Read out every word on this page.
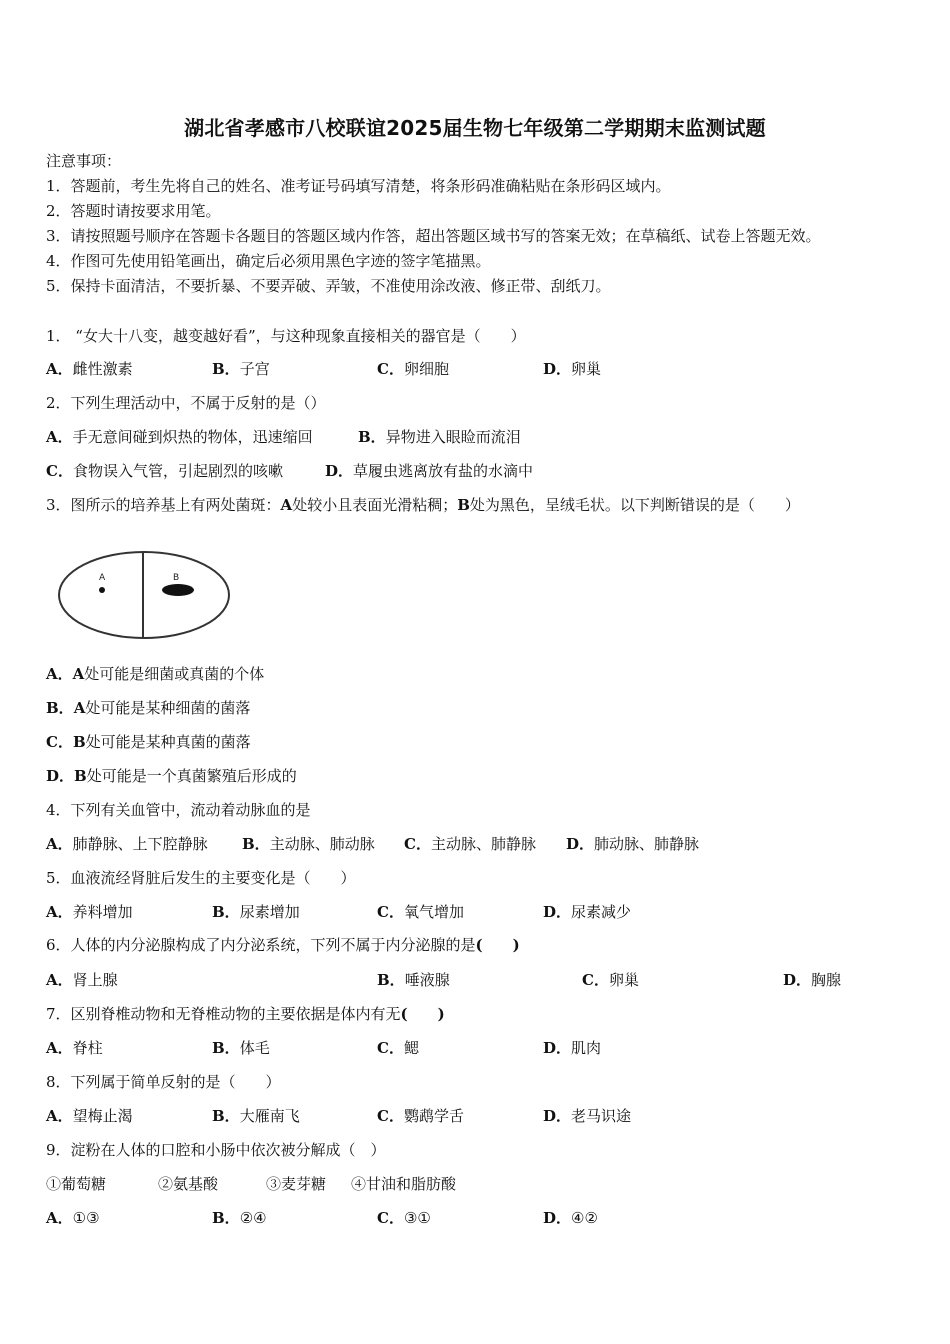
湖北省孝感市八校联谊2025届生物七年级第二学期期末监测试题
注意事项：
1．答题前，考生先将自己的姓名、准考证号码填写清楚，将条形码准确粘贴在条形码区域内。
2．答题时请按要求用笔。
3．请按照题号顺序在答题卡各题目的答题区域内作答，超出答题区域书写的答案无效；在草稿纸、试卷上答题无效。
4．作图可先使用铅笔画出，确定后必须用黑色字迹的签字笔描黑。
5．保持卡面清洁，不要折暴、不要弄破、弄皱，不准使用涂改液、修正带、刮纸刀。
1． “女大十八变，越变越好看”，与这种现象直接相关的器官是（　　）
A．雌性激素	B．子宫	C．卵细胞	D．卵巢
2．下列生理活动中，不属于反射的是（）
A．手无意间碰到炽热的物体，迅速缩回	B．异物进入眼睑而流泪
C．食物误入气管，引起剧烈的咳嗽	D．草履虫逃离放有盐的水滴中
3．图所示的培养基上有两处菌斑：A处较小且表面光滑粘稠；B处为黑色，呈绒毛状。以下判断错误的是（　　）
A	B
A．A处可能是细菌或真菌的个体
B．A处可能是某种细菌的菌落
C．B处可能是某种真菌的菌落
D．B处可能是一个真菌繁殖后形成的
4．下列有关血管中，流动着动脉血的是
A．肺静脉、上下腔静脉 B．主动脉、肺动脉 C．主动脉、肺静脉 D．肺动脉、肺静脉
5．血液流经肾脏后发生的主要变化是（　　）
A．养料增加	B．尿素增加	C．氧气增加	D．尿素减少
6．人体的内分泌腺构成了内分泌系统，下列不属于内分泌腺的是(　　)
A．肾上腺	B．唾液腺	C．卵巢	D．胸腺
7．区别脊椎动物和无脊椎动物的主要依据是体内有无(　　)
A．脊柱	B．体毛	C．鳃	D．肌肉
8．下列属于简单反射的是（　　）
A．望梅止渴	B．大雁南飞	C．鹦鹉学舌	D．老马识途
9．淀粉在人体的口腔和小肠中依次被分解成（　）
①葡萄糖	②氨基酸	③麦芽糖 ④甘油和脂肪酸
A．①③	B．②④	C．③①	D．④②
